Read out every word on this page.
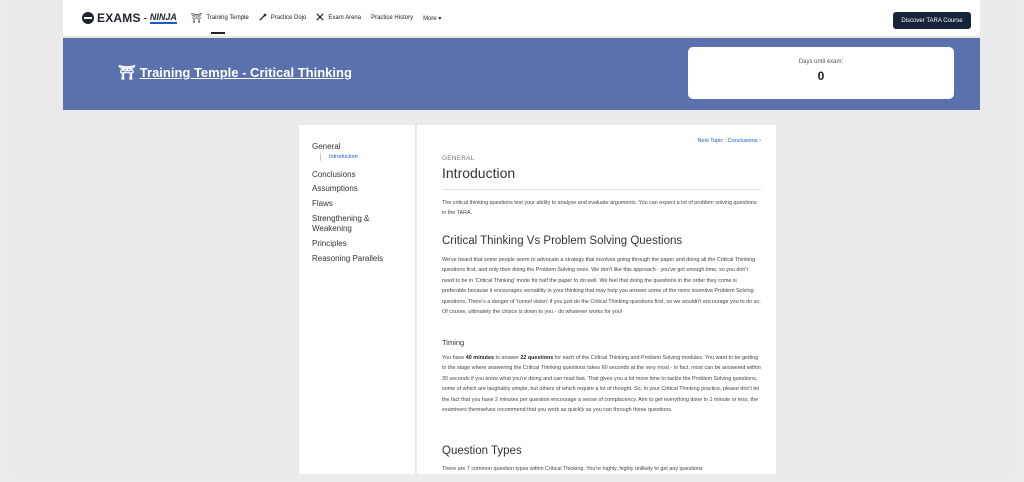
EXAMS - NINJA ⛩ Training Temple	Practice Dojo	Exam Arena Practice History More ▾	Discover TARA Course
⛩ Training Temple - Critical Thinking
Days until exam:
0
General
Introduction
Conclusions
Assumptions
Flaws
Strengthening &
Weakening
Principles
Reasoning Parallels
Next Topic : Conclusions ›
GENERAL
Introduction
The critical thinking questions test your ability to analyse and evaluate arguments. You can expect a lot of problem solving questions in the TARA.
Critical Thinking Vs Problem Solving Questions
We've heard that some people seem to advocate a strategy that involves going through the paper and doing all the Critical Thinking questions first, and only then doing the Problem Solving ones. We don't like this approach - you've got enough time, so you don't need to be in 'Critical Thinking' mode for half the paper to do well. We feel that doing the questions in the order they come is preferable because it encourages versatility in your thinking that may help you answer some of the more inventive Problem Solving questions. There's a danger of 'tunnel vision' if you just do the Critical Thinking questions first, so we wouldn't encourage you to do so. Of course, ultimately the choice is down to you - do whatever works for you!
Timing
You have 40 minutes to answer 22 questions for each of the Critical Thinking and Problem Solving modules. You want to be getting to the stage where answering the Critical Thinking questions takes 60 seconds at the very most - in fact, most can be answered within 30 seconds if you know what you're doing and can read fast. That gives you a lot more time to tackle the Problem Solving questions, some of which are laughably simple, but others of which require a lot of thought. So, in your Critical Thinking practice, please don't let the fact that you have 2 minutes per question encourage a sense of complacency. Aim to get everything done in 1 minute or less, the examiners themselves recommend that you work as quickly as you can through these questions.
Question Types
There are 7 common question types within Critical Thinking. You're highly, highly unlikely to get any questions
